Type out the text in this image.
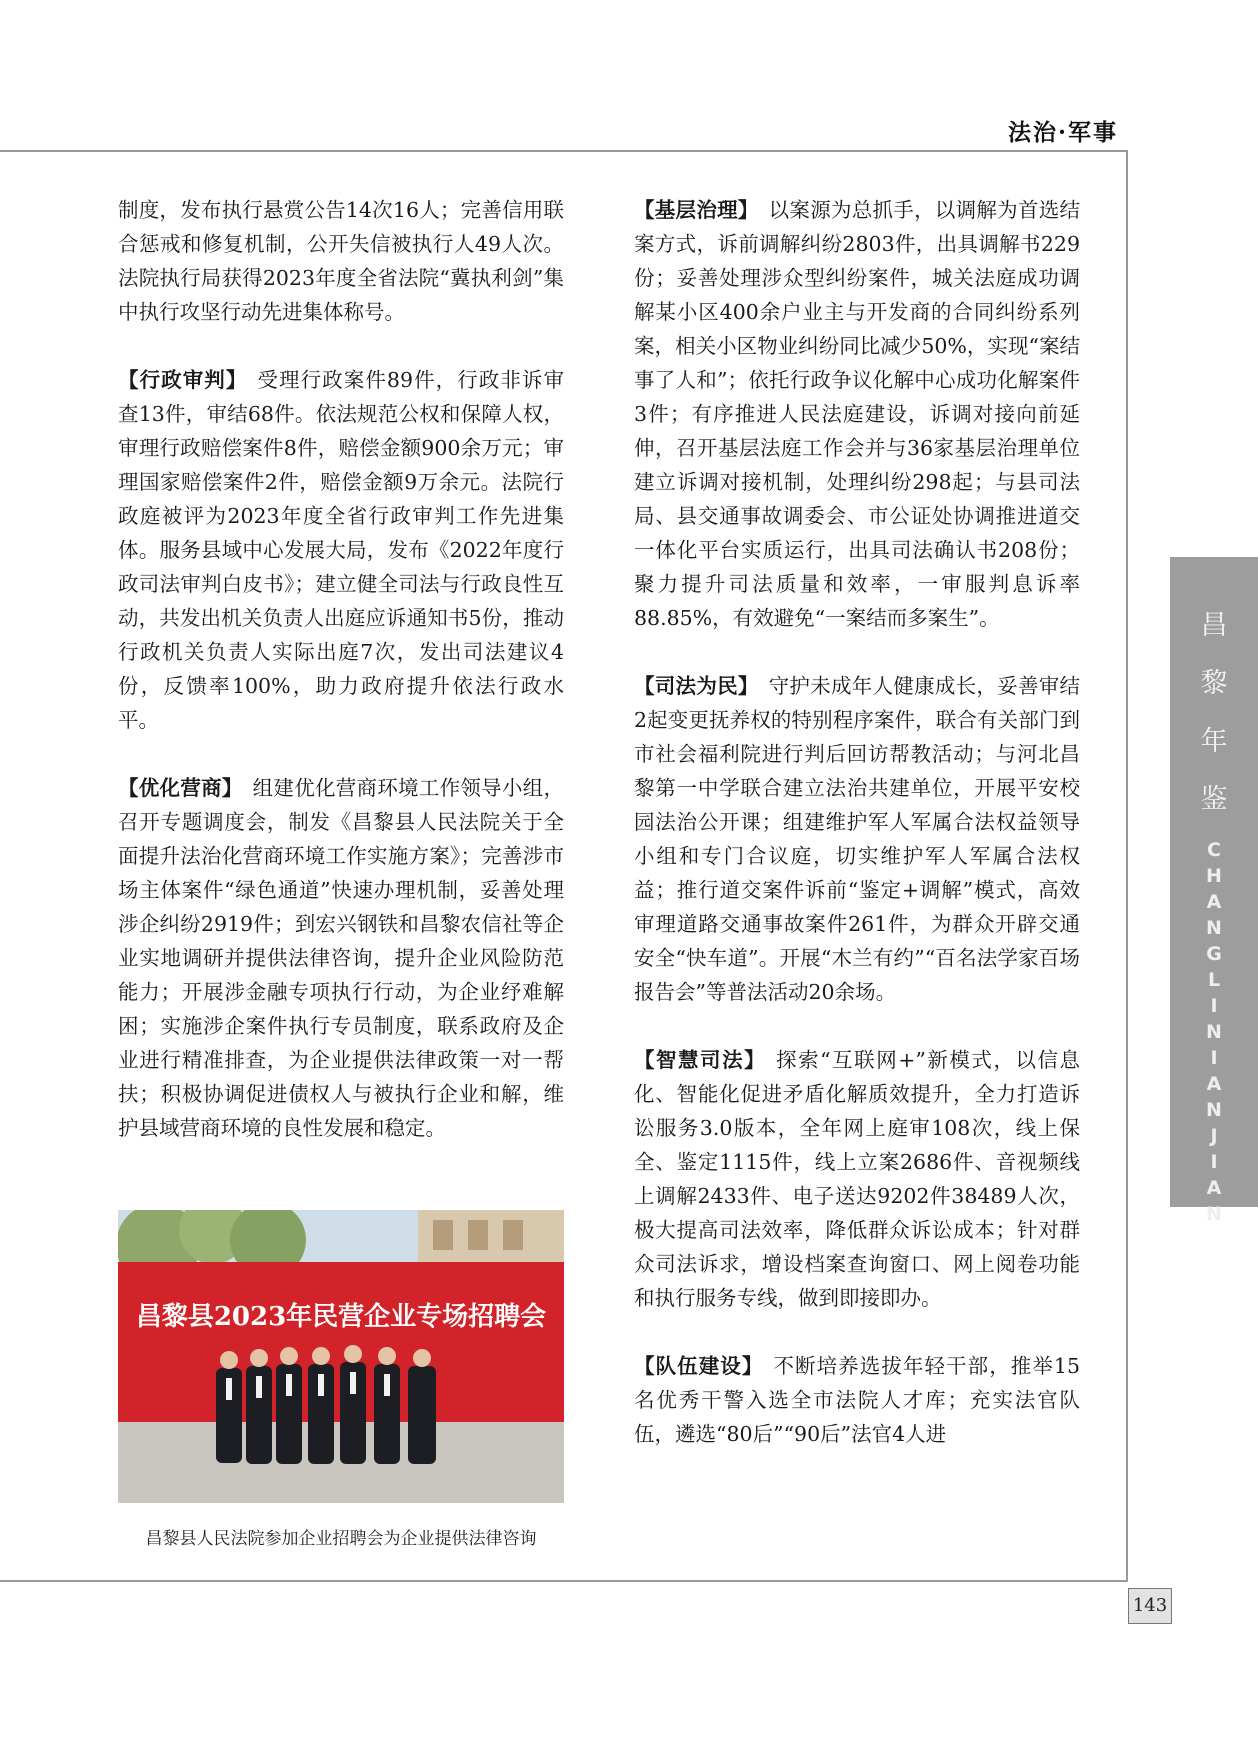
法治·军事

制度，发布执行悬赏公告14次16人；完善信用联合惩戒和修复机制，公开失信被执行人49人次。法院执行局获得2023年度全省法院“冀执利剑”集中执行攻坚行动先进集体称号。

【行政审判】 受理行政案件89件，行政非诉审查13件，审结68件。依法规范公权和保障人权，审理行政赔偿案件8件，赔偿金额900余万元；审理国家赔偿案件2件，赔偿金额9万余元。法院行政庭被评为2023年度全省行政审判工作先进集体。服务县域中心发展大局，发布《2022年度行政司法审判白皮书》；建立健全司法与行政良性互动，共发出机关负责人出庭应诉通知书5份，推动行政机关负责人实际出庭7次，发出司法建议4份，反馈率100%，助力政府提升依法行政水平。

【优化营商】 组建优化营商环境工作领导小组，召开专题调度会，制发《昌黎县人民法院关于全面提升法治化营商环境工作实施方案》；完善涉市场主体案件“绿色通道”快速办理机制，妥善处理涉企纠纷2919件；到宏兴钢铁和昌黎农信社等企业实地调研并提供法律咨询，提升企业风险防范能力；开展涉金融专项执行行动，为企业纾难解困；实施涉企案件执行专员制度，联系政府及企业进行精准排查，为企业提供法律政策一对一帮扶；积极协调促进债权人与被执行企业和解，维护县域营商环境的良性发展和稳定。

昌黎县2023年民营企业专场招聘会
昌黎县人民法院参加企业招聘会为企业提供法律咨询

【基层治理】 以案源为总抓手，以调解为首选结案方式，诉前调解纠纷2803件，出具调解书229份；妥善处理涉众型纠纷案件，城关法庭成功调解某小区400余户业主与开发商的合同纠纷系列案，相关小区物业纠纷同比减少50%，实现“案结事了人和”；依托行政争议化解中心成功化解案件3件；有序推进人民法庭建设，诉调对接向前延伸，召开基层法庭工作会并与36家基层治理单位建立诉调对接机制，处理纠纷298起；与县司法局、县交通事故调委会、市公证处协调推进道交一体化平台实质运行，出具司法确认书208份；聚力提升司法质量和效率，一审服判息诉率88.85%，有效避免“一案结而多案生”。

【司法为民】 守护未成年人健康成长，妥善审结2起变更抚养权的特别程序案件，联合有关部门到市社会福利院进行判后回访帮教活动；与河北昌黎第一中学联合建立法治共建单位，开展平安校园法治公开课；组建维护军人军属合法权益领导小组和专门合议庭，切实维护军人军属合法权益；推行道交案件诉前“鉴定+调解”模式，高效审理道路交通事故案件261件，为群众开辟交通安全“快车道”。开展“木兰有约”“百名法学家百场报告会”等普法活动20余场。

【智慧司法】 探索“互联网+”新模式，以信息化、智能化促进矛盾化解质效提升，全力打造诉讼服务3.0版本，全年网上庭审108次，线上保全、鉴定1115件，线上立案2686件、音视频线上调解2433件、电子送达9202件38489人次，极大提高司法效率，降低群众诉讼成本；针对群众司法诉求，增设档案查询窗口、网上阅卷功能和执行服务专线，做到即接即办。

【队伍建设】 不断培养选拔年轻干部，推举15名优秀干警入选全市法院人才库；充实法官队伍，遴选“80后”“90后”法官4人进

昌
黎
年
鉴
C
H
A
N
G
L
I
N
I
A
N
J
I
A
N
143
